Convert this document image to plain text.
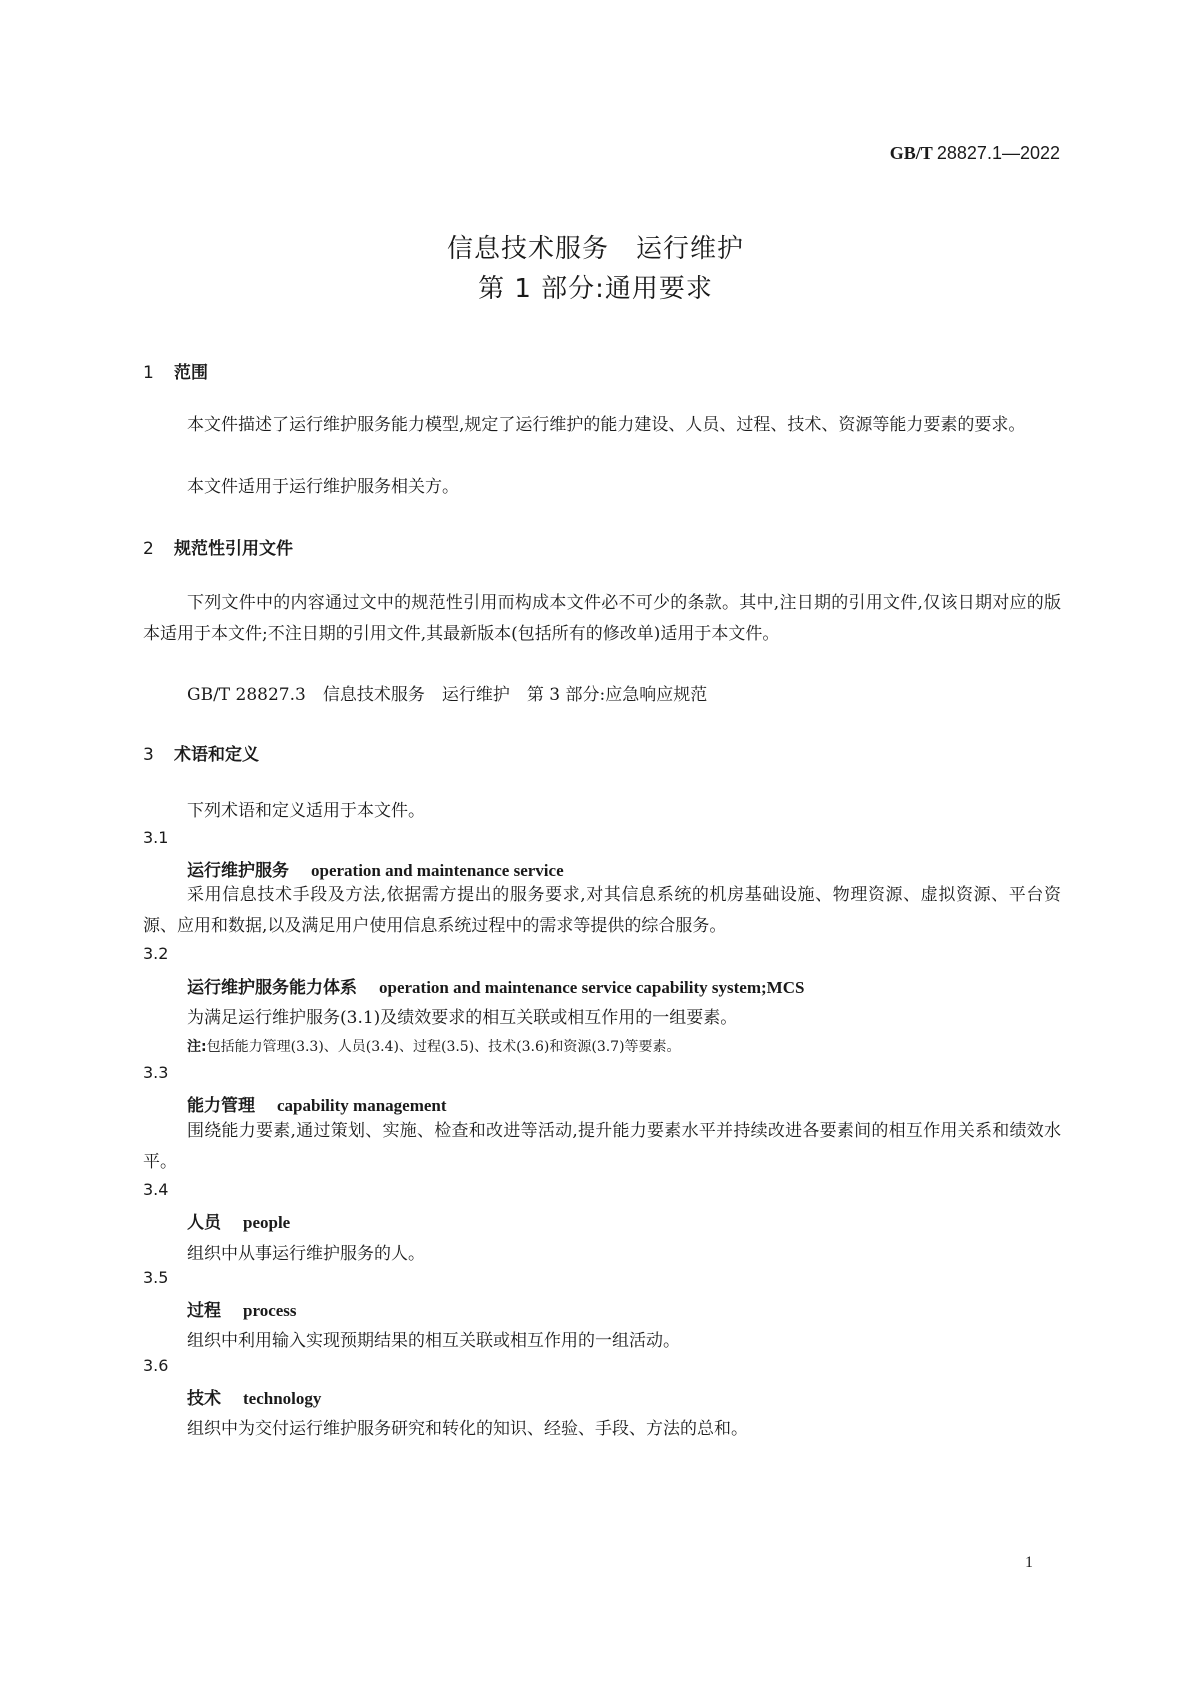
GB/T 28827.1—2022
信息技术服务　运行维护
第 1 部分:通用要求
1 范围
本文件描述了运行维护服务能力模型,规定了运行维护的能力建设、人员、过程、技术、资源等能力要素的要求。
本文件适用于运行维护服务相关方。
2 规范性引用文件
下列文件中的内容通过文中的规范性引用而构成本文件必不可少的条款。其中,注日期的引用文件,仅该日期对应的版本适用于本文件;不注日期的引用文件,其最新版本(包括所有的修改单)适用于本文件。
GB/T 28827.3　信息技术服务　运行维护　第 3 部分:应急响应规范
3 术语和定义
下列术语和定义适用于本文件。
3.1
运行维护服务 operation and maintenance service
采用信息技术手段及方法,依据需方提出的服务要求,对其信息系统的机房基础设施、物理资源、虚拟资源、平台资源、应用和数据,以及满足用户使用信息系统过程中的需求等提供的综合服务。
3.2
运行维护服务能力体系 operation and maintenance service capability system;MCS
为满足运行维护服务(3.1)及绩效要求的相互关联或相互作用的一组要素。
注:包括能力管理(3.3)、人员(3.4)、过程(3.5)、技术(3.6)和资源(3.7)等要素。
3.3
能力管理 capability management
围绕能力要素,通过策划、实施、检查和改进等活动,提升能力要素水平并持续改进各要素间的相互作用关系和绩效水平。
3.4
人员 people
组织中从事运行维护服务的人。
3.5
过程 process
组织中利用输入实现预期结果的相互关联或相互作用的一组活动。
3.6
技术 technology
组织中为交付运行维护服务研究和转化的知识、经验、手段、方法的总和。
1
